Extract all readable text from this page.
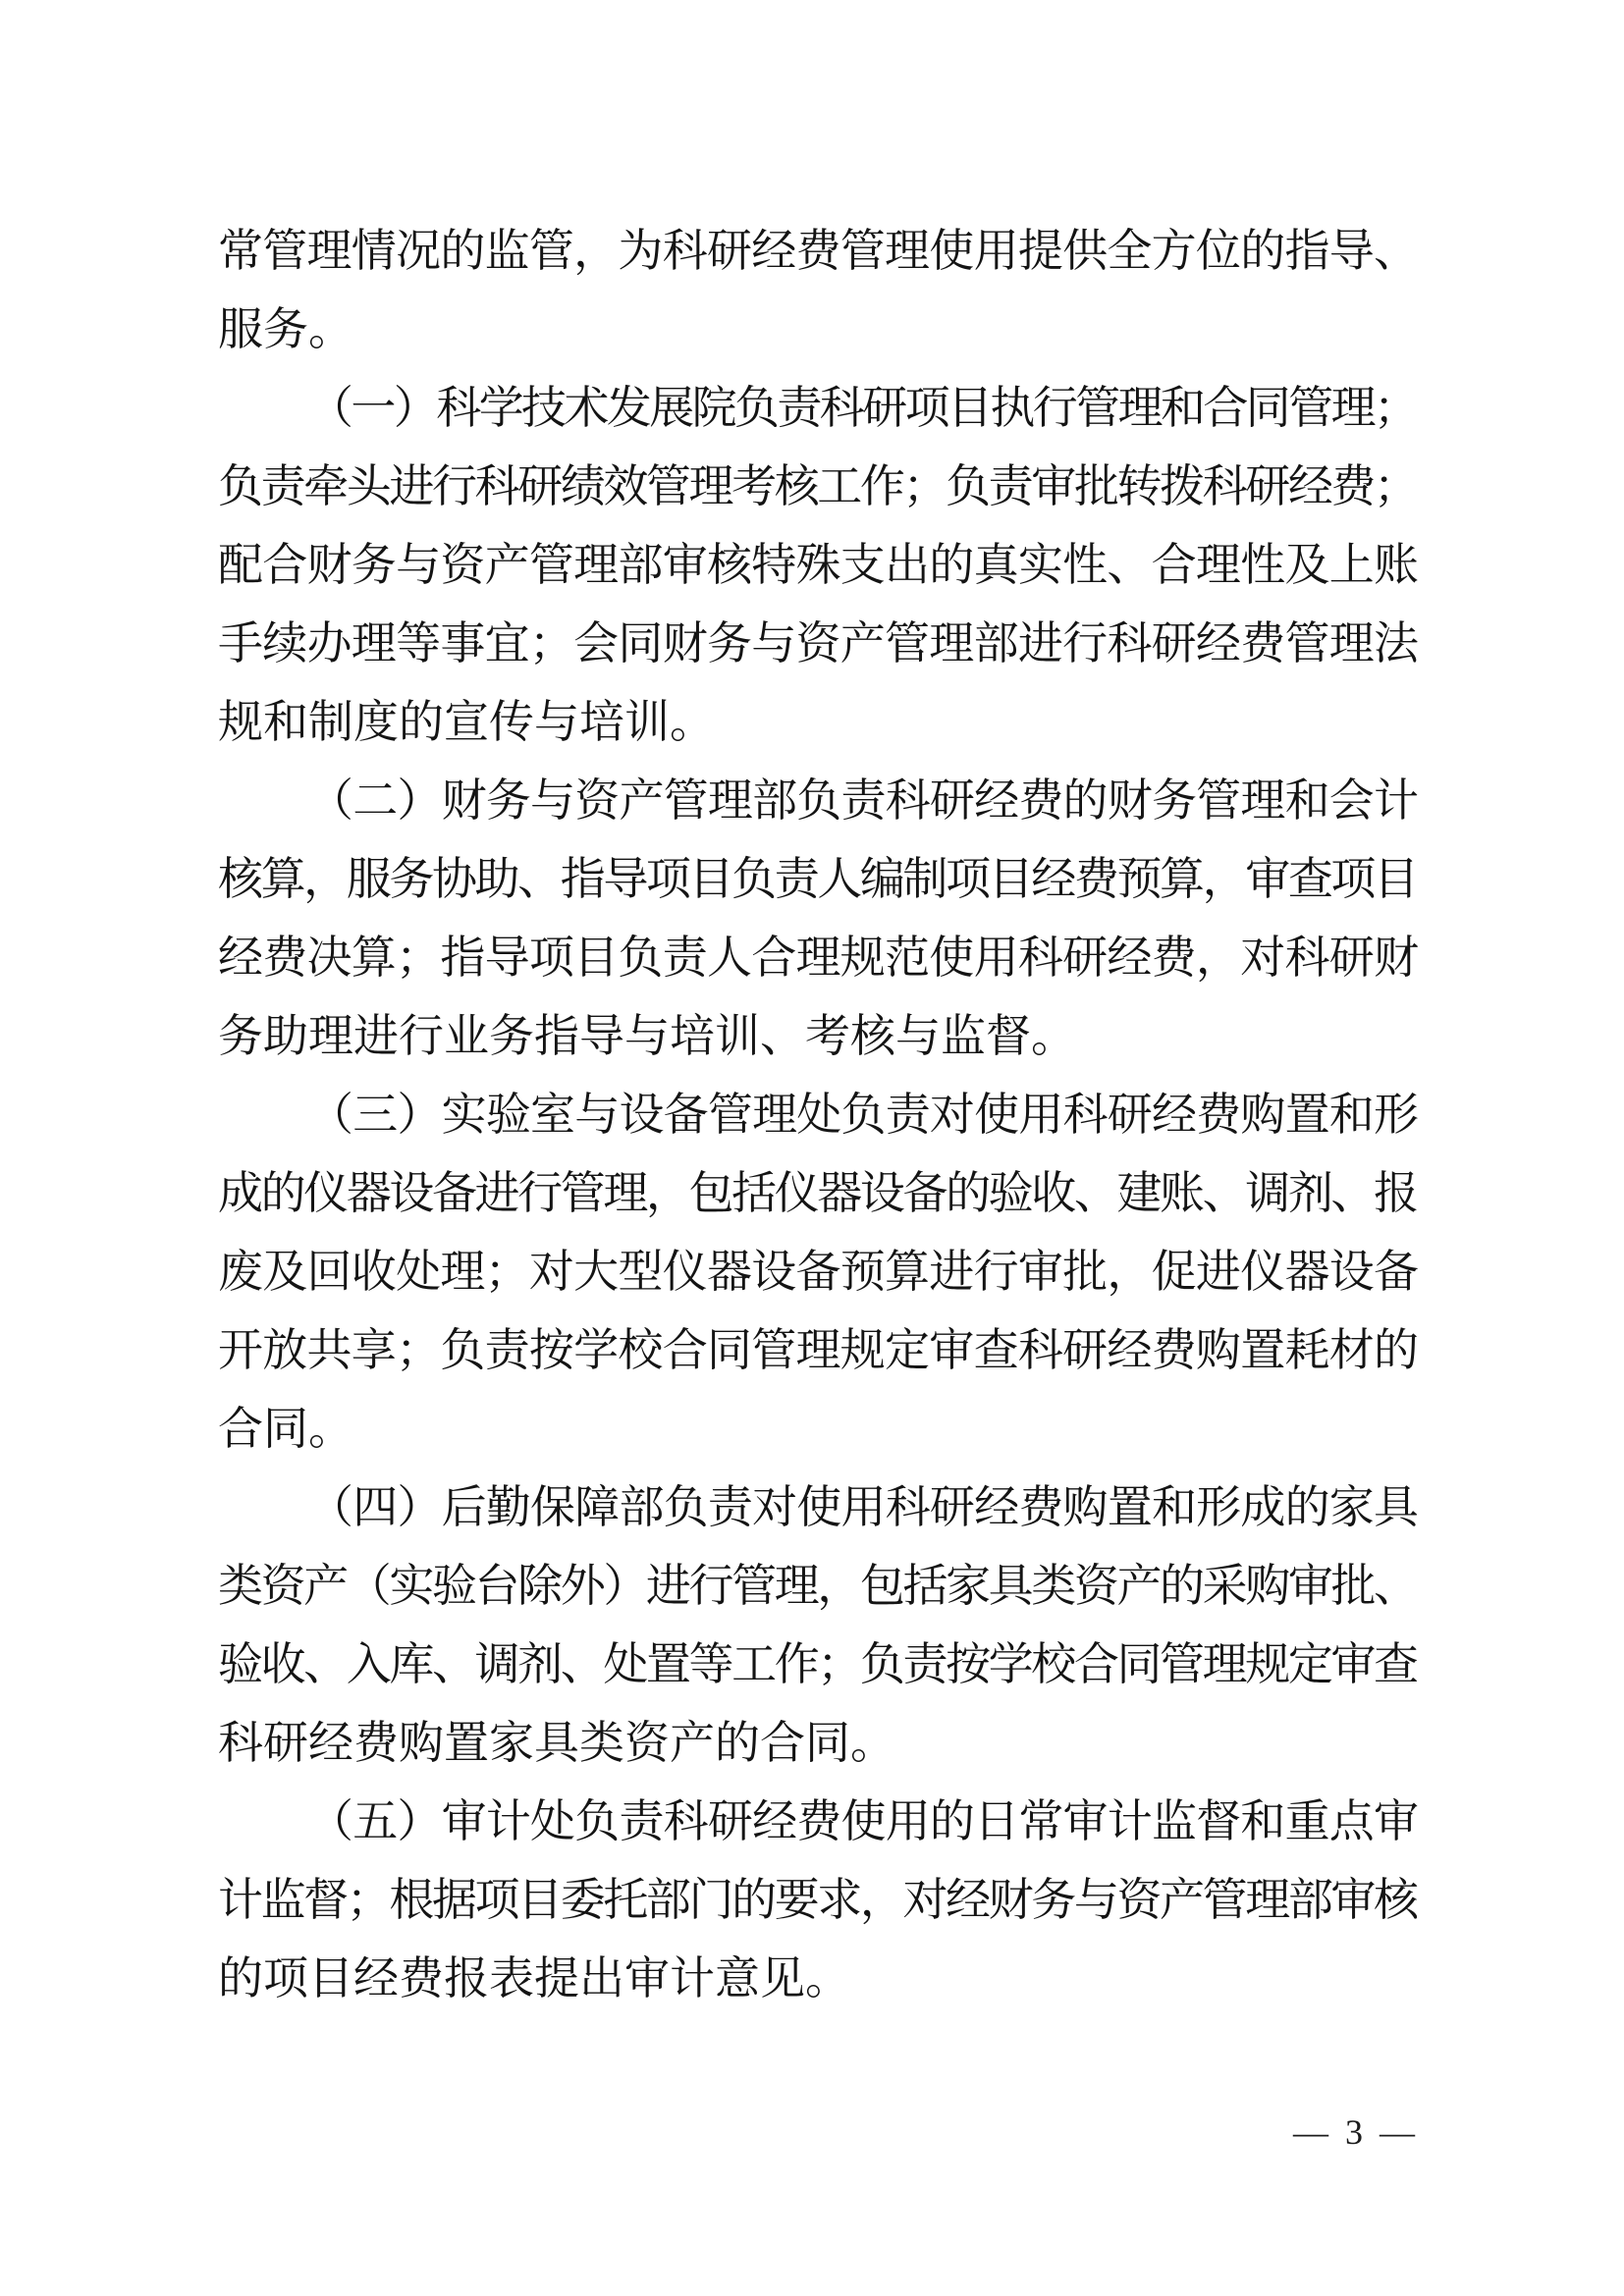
常管理情况的监管，为科研经费管理使用提供全方位的指导、
服务。
（一）科学技术发展院负责科研项目执行管理和合同管理；
负责牵头进行科研绩效管理考核工作；负责审批转拨科研经费；
配合财务与资产管理部审核特殊支出的真实性、合理性及上账
手续办理等事宜；会同财务与资产管理部进行科研经费管理法
规和制度的宣传与培训。
（二）财务与资产管理部负责科研经费的财务管理和会计
核算，服务协助、指导项目负责人编制项目经费预算，审查项目
经费决算；指导项目负责人合理规范使用科研经费，对科研财
务助理进行业务指导与培训、考核与监督。
（三）实验室与设备管理处负责对使用科研经费购置和形
成的仪器设备进行管理，包括仪器设备的验收、建账、调剂、报
废及回收处理；对大型仪器设备预算进行审批，促进仪器设备
开放共享；负责按学校合同管理规定审查科研经费购置耗材的
合同。
（四）后勤保障部负责对使用科研经费购置和形成的家具
类资产（实验台除外）进行管理，包括家具类资产的采购审批、
验收、入库、调剂、处置等工作；负责按学校合同管理规定审查
科研经费购置家具类资产的合同。
（五）审计处负责科研经费使用的日常审计监督和重点审
计监督；根据项目委托部门的要求，对经财务与资产管理部审核
的项目经费报表提出审计意见。
— 3 —
